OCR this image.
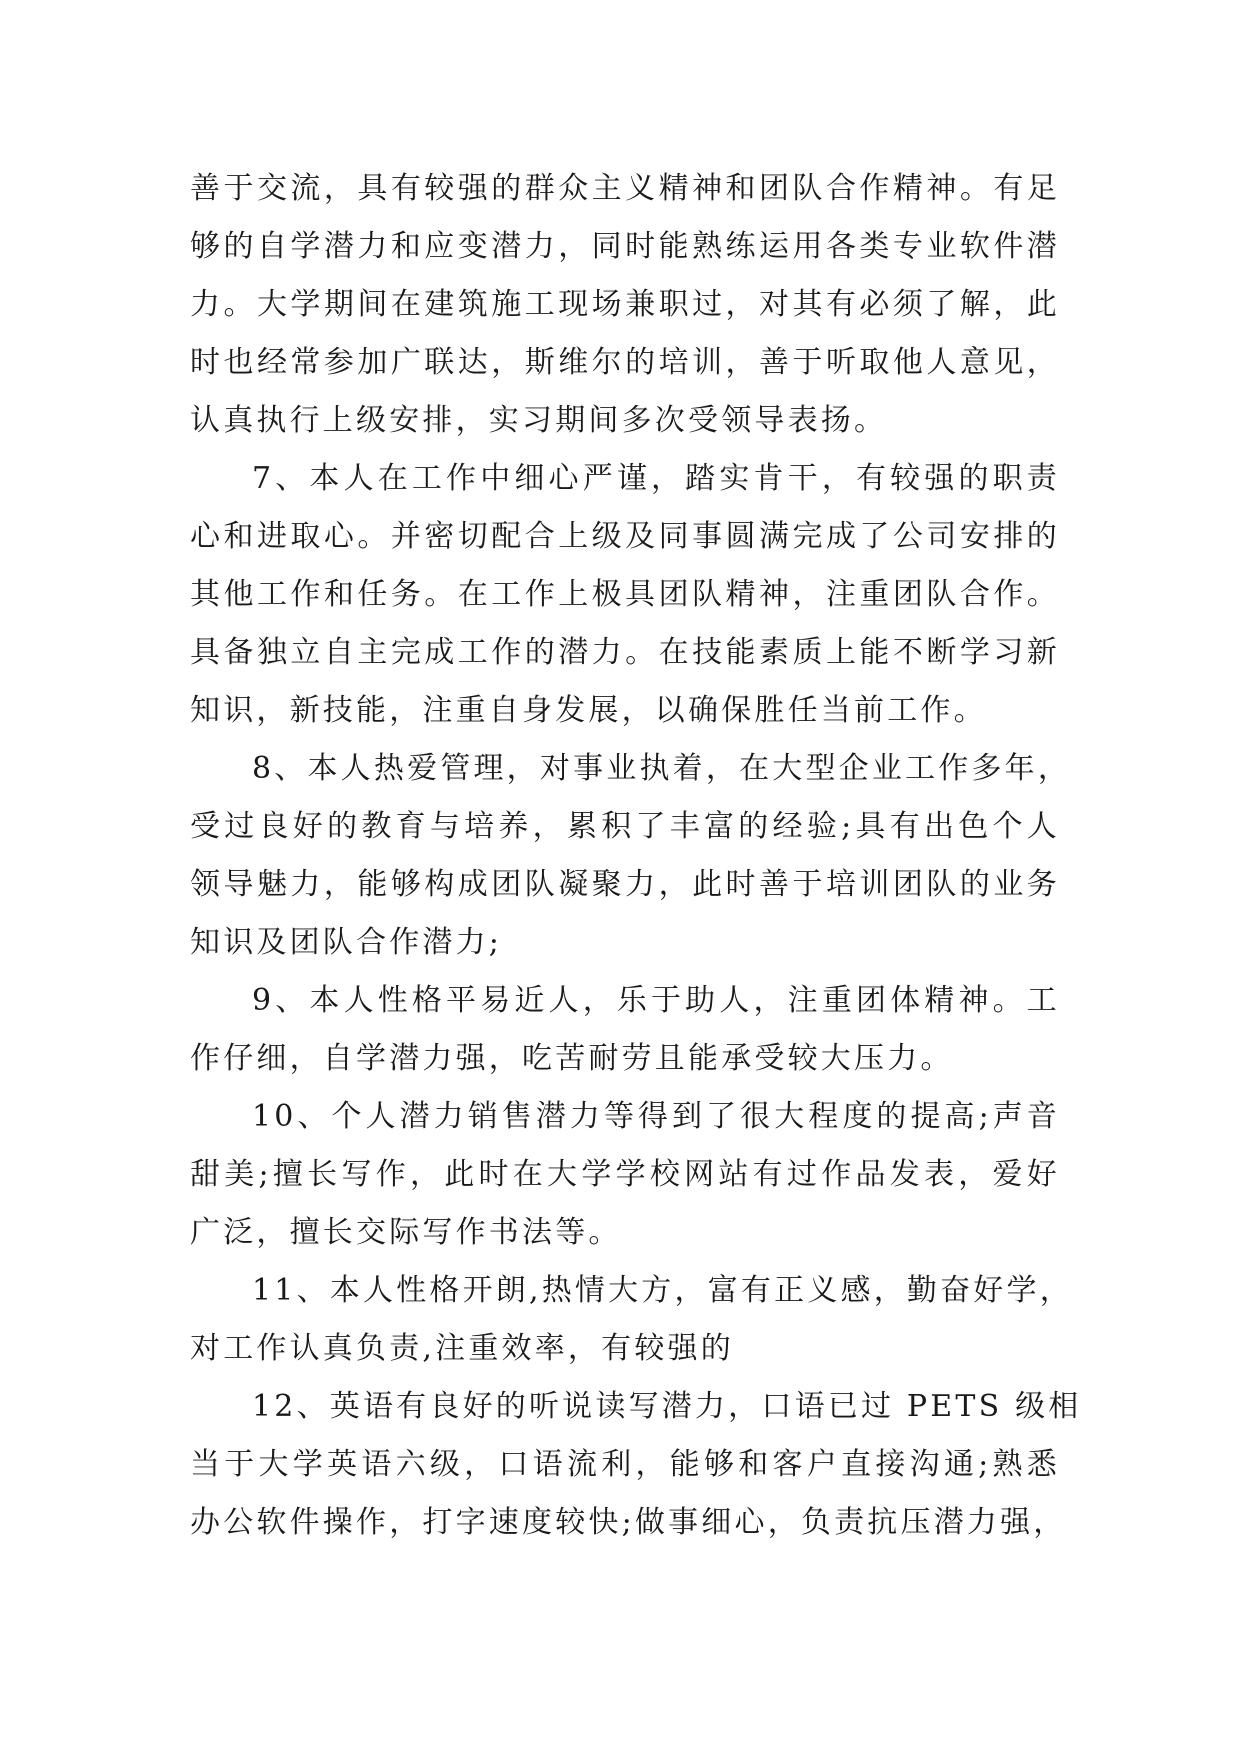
善于交流，具有较强的群众主义精神和团队合作精神。有足
够的自学潜力和应变潜力，同时能熟练运用各类专业软件潜
力。大学期间在建筑施工现场兼职过，对其有必须了解，此
时也经常参加广联达，斯维尔的培训，善于听取他人意见，
认真执行上级安排，实习期间多次受领导表扬。
7、本人在工作中细心严谨，踏实肯干，有较强的职责
心和进取心。并密切配合上级及同事圆满完成了公司安排的
其他工作和任务。在工作上极具团队精神，注重团队合作。
具备独立自主完成工作的潜力。在技能素质上能不断学习新
知识，新技能，注重自身发展，以确保胜任当前工作。
8、本人热爱管理，对事业执着，在大型企业工作多年，
受过良好的教育与培养，累积了丰富的经验;具有出色个人
领导魅力，能够构成团队凝聚力，此时善于培训团队的业务
知识及团队合作潜力;
9、本人性格平易近人，乐于助人，注重团体精神。工
作仔细，自学潜力强，吃苦耐劳且能承受较大压力。
10、个人潜力销售潜力等得到了很大程度的提高;声音
甜美;擅长写作，此时在大学学校网站有过作品发表，爱好
广泛，擅长交际写作书法等。
11、本人性格开朗,热情大方，富有正义感，勤奋好学，
对工作认真负责,注重效率，有较强的
12、英语有良好的听说读写潜力，口语已过 PETS 级相
当于大学英语六级，口语流利，能够和客户直接沟通;熟悉
办公软件操作，打字速度较快;做事细心，负责抗压潜力强，
